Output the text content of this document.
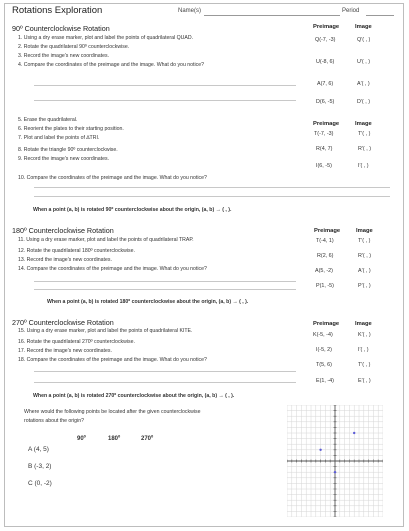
Rotations Exploration	Name(s)	Period
90º Counterclockwise Rotation
1. Using a dry erase marker, plot and label the points of quadrilateral QUAD.
2. Rotate the quadrilateral 90º counterclockwise.
3. Record the image’s new coordinates.
4. Compare the coordinates of the preimage and the image. What do you notice?
Preimage	Image
Q(-7, -3)	Q′( , )
U(-8, 6)	U′( , )
A(7, 6)	A′( , )
D(6, -5)	D′( , )
5. Erase the quadrilateral.
6. Reorient the plates to their starting position.
7. Plot and label the points of ∆TRI.
8. Rotate the triangle 90º counterclockwise.
9. Record the image’s new coordinates.
Preimage	Image
T(-7, -3)	T′( , )
R(4, 7)	R′( , )
I(6, -5)	I′( , )
10. Compare the coordinates of the preimage and the image. What do you notice?
When a point (a, b) is rotated 90º counterclockwise about the origin, (a, b) → ( , ).
180º Counterclockwise Rotation
11. Using a dry erase marker, plot and label the points of quadrilateral TRAP.
12. Rotate the quadrilateral 180º counterclockwise.
13. Record the image’s new coordinates.
14. Compare the coordinates of the preimage and the image. What do you notice?
Preimage	Image
T(-4, 1)	T′( , )
R(2, 6)	R′( , )
A(5, -2)	A′( , )
P(1, -5)	P′( , )
When a point (a, b) is rotated 180º counterclockwise about the origin, (a, b) → ( , ).
270º Counterclockwise Rotation
15. Using a dry erase marker, plot and label the points of quadrilateral KITE.
16. Rotate the quadrilateral 270º counterclockwise.
17. Record the image’s new coordinates.
18. Compare the coordinates of the preimage and the image. What do you notice?
Preimage	Image
K(-5, -4)	K′( , )
I(-5, 2)	I′( , )
T(5, 6)	T′( , )
E(1, -4)	E′( , )
When a point (a, b) is rotated 270º counterclockwise about the origin, (a, b) → ( , ).
Where would the following points be located after the given counterclockwise
rotations about the origin?
90º	180º	270º
A (4, 5)
B (-3, 2)
C (0, -2)
